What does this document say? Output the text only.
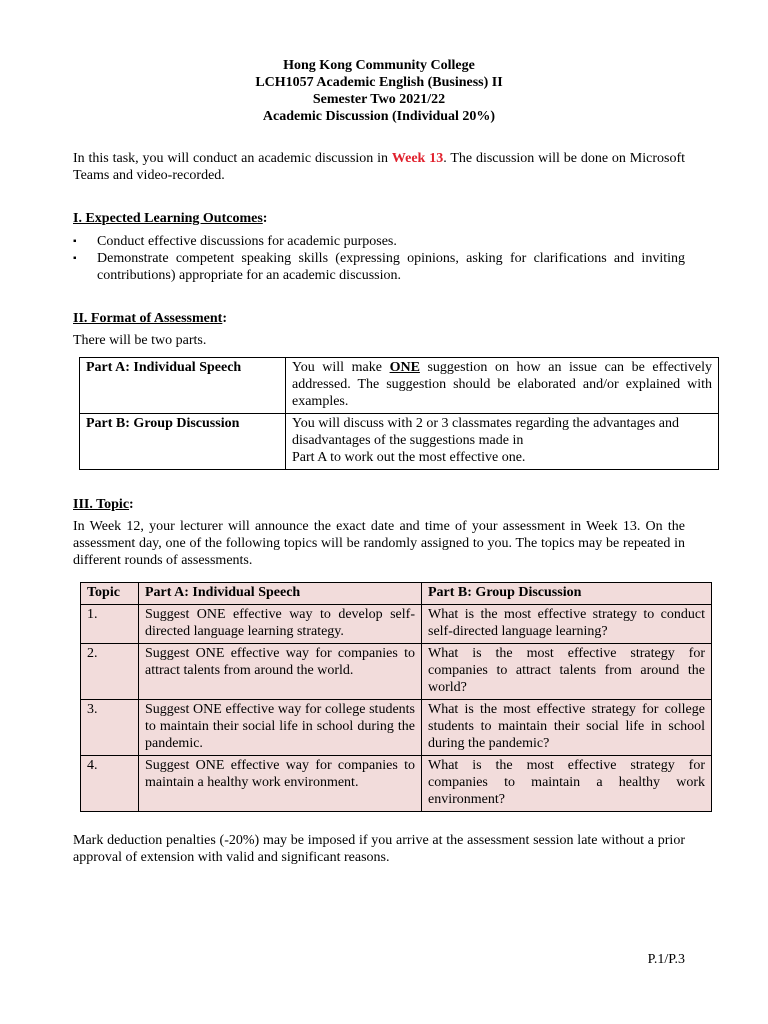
Hong Kong Community College
LCH1057 Academic English (Business) II
Semester Two 2021/22
Academic Discussion (Individual 20%)
In this task, you will conduct an academic discussion in Week 13. The discussion will be done on Microsoft Teams and video-recorded.
I. Expected Learning Outcomes:
▪ Conduct effective discussions for academic purposes.
▪ Demonstrate competent speaking skills (expressing opinions, asking for clarifications and inviting contributions) appropriate for an academic discussion.
II. Format of Assessment:
There will be two parts.
Part A: Individual Speech	You will make ONE suggestion on how an issue can be effectively addressed. The suggestion should be elaborated and/or explained with examples.
Part B: Group Discussion	You will discuss with 2 or 3 classmates regarding the advantages and disadvantages of the suggestions made in
Part A to work out the most effective one.
III. Topic:
In Week 12, your lecturer will announce the exact date and time of your assessment in Week 13. On the assessment day, one of the following topics will be randomly assigned to you. The topics may be repeated in different rounds of assessments.
Topic	Part A: Individual Speech	Part B: Group Discussion
1.	Suggest ONE effective way to develop self-directed language learning strategy.	What is the most effective strategy to conduct self-directed language learning?
2.	Suggest ONE effective way for companies to attract talents from around the world.	What is the most effective strategy for companies to attract talents from around the world?
3.	Suggest ONE effective way for college students to maintain their social life in school during the pandemic.	What is the most effective strategy for college students to maintain their social life in school during the pandemic?
4.	Suggest ONE effective way for companies to maintain a healthy work environment.	What is the most effective strategy for companies to maintain a healthy work environment?
Mark deduction penalties (-20%) may be imposed if you arrive at the assessment session late without a prior approval of extension with valid and significant reasons.
P.1/P.3
